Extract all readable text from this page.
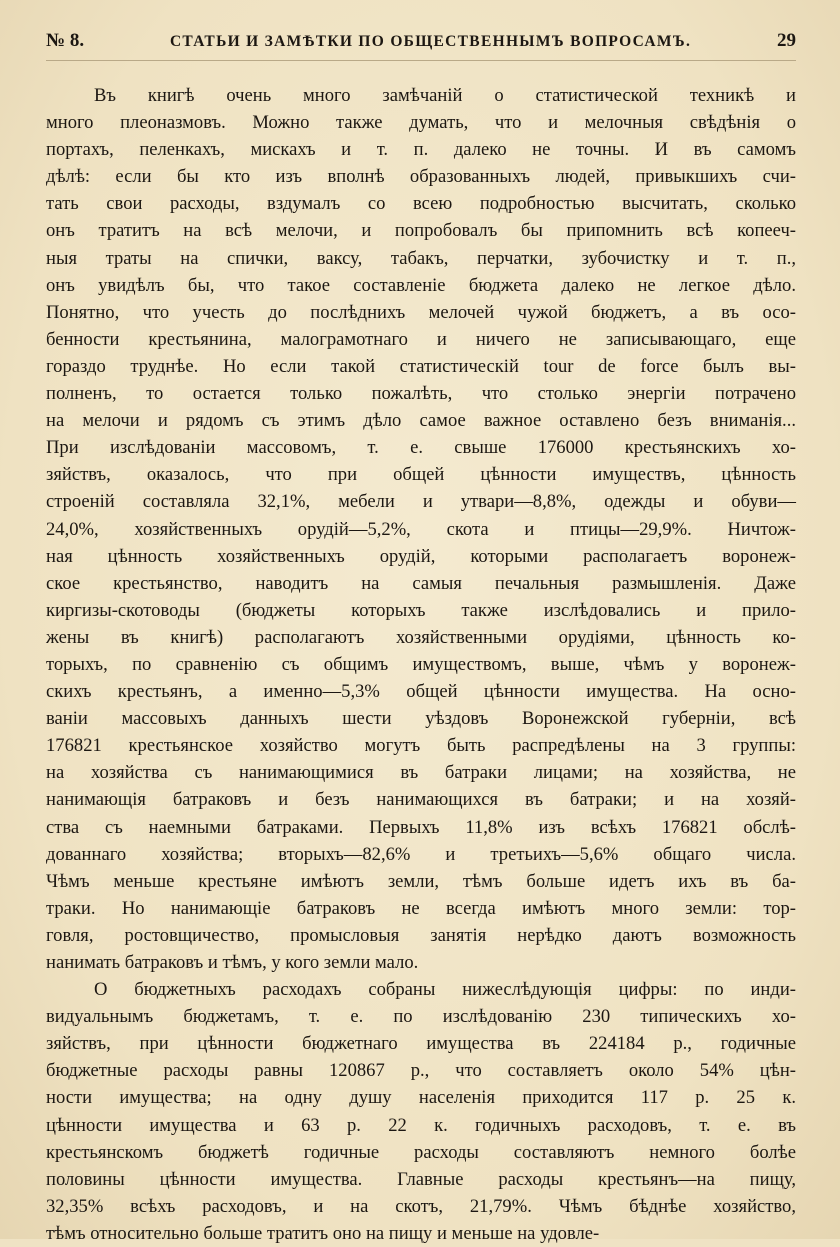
№ 8.	СТАТЬИ И ЗАМѢТКИ ПО ОБЩЕСТВЕННЫМЪ ВОПРОСАМЪ.	29
Въ книгѣ очень много замѣчаній о статистической техникѣ и
много плеоназмовъ. Можно также думать, что и мелочныя свѣдѣнія о
портахъ, пеленкахъ, мискахъ и т. п. далеко не точны. И въ самомъ
дѣлѣ: если бы кто изъ вполнѣ образованныхъ людей, привыкшихъ счи-
тать свои расходы, вздумалъ со всею подробностью высчитать, сколько
онъ тратитъ на всѣ мелочи, и попробовалъ бы припомнить всѣ копееч-
ныя траты на спички, ваксу, табакъ, перчатки, зубочистку и т. п.,
онъ увидѣлъ бы, что такое составленіе бюджета далеко не легкое дѣло.
Понятно, что учесть до послѣднихъ мелочей чужой бюджетъ, а въ осо-
бенности крестьянина, малограмотнаго и ничего не записывающаго, еще
гораздо труднѣе. Но если такой статистическій tour de force былъ вы-
полненъ, то остается только пожалѣть, что столько энергіи потрачено
на мелочи и рядомъ съ этимъ дѣло самое важное оставлено безъ вниманія...
При изслѣдованіи массовомъ, т. е. свыше 176000 крестьянскихъ хо-
зяйствъ, оказалось, что при общей цѣнности имуществъ, цѣнность
строеній составляла 32,1%, мебели и утвари—8,8%, одежды и обуви—
24,0%, хозяйственныхъ орудій—5,2%, скота и птицы—29,9%. Ничтож-
ная цѣнность хозяйственныхъ орудій, которыми располагаетъ воронеж-
ское крестьянство, наводитъ на самыя печальныя размышленія. Даже
киргизы-скотоводы (бюджеты которыхъ также изслѣдовались и прило-
жены въ книгѣ) располагаютъ хозяйственными орудіями, цѣнность ко-
торыхъ, по сравненію съ общимъ имуществомъ, выше, чѣмъ у воронеж-
скихъ крестьянъ, а именно—5,3% общей цѣнности имущества. На осно-
ваніи массовыхъ данныхъ шести уѣздовъ Воронежской губерніи, всѣ
176821 крестьянское хозяйство могутъ быть распредѣлены на 3 группы:
на хозяйства съ нанимающимися въ батраки лицами; на хозяйства, не
нанимающія батраковъ и безъ нанимающихся въ батраки; и на хозяй-
ства съ наемными батраками. Первыхъ 11,8% изъ всѣхъ 176821 обслѣ-
дованнаго хозяйства; вторыхъ—82,6% и третьихъ—5,6% общаго числа.
Чѣмъ меньше крестьяне имѣютъ земли, тѣмъ больше идетъ ихъ въ ба-
траки. Но нанимающіе батраковъ не всегда имѣютъ много земли: тор-
говля, ростовщичество, промысловыя занятія нерѣдко даютъ возможность
нанимать батраковъ и тѣмъ, у кого земли мало.
О бюджетныхъ расходахъ собраны нижеслѣдующія цифры: по инди-
видуальнымъ бюджетамъ, т. е. по изслѣдованію 230 типическихъ хо-
зяйствъ, при цѣнности бюджетнаго имущества въ 224184 р., годичные
бюджетные расходы равны 120867 р., что составляетъ около 54% цѣн-
ности имущества; на одну душу населенія приходится 117 р. 25 к.
цѣнности имущества и 63 р. 22 к. годичныхъ расходовъ, т. е. въ
крестьянскомъ бюджетѣ годичные расходы составляютъ немного болѣе
половины цѣнности имущества. Главные расходы крестьянъ—на пищу,
32,35% всѣхъ расходовъ, и на скотъ, 21,79%. Чѣмъ бѣднѣе хозяйство,
тѣмъ относительно больше тратитъ оно на пищу и меньше на удовле-
